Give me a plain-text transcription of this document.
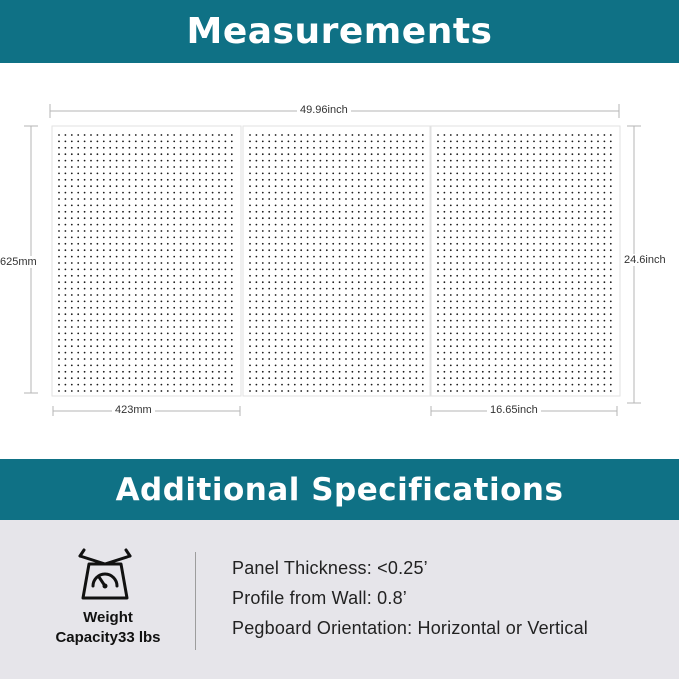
Measurements
49.96inch
625mm	24.6inch
423mm	16.65inch
Additional Specifications
Weight
Capacity33 lbs
Panel Thickness: <0.25’
Profile from Wall: 0.8’
Pegboard Orientation: Horizontal or Vertical
